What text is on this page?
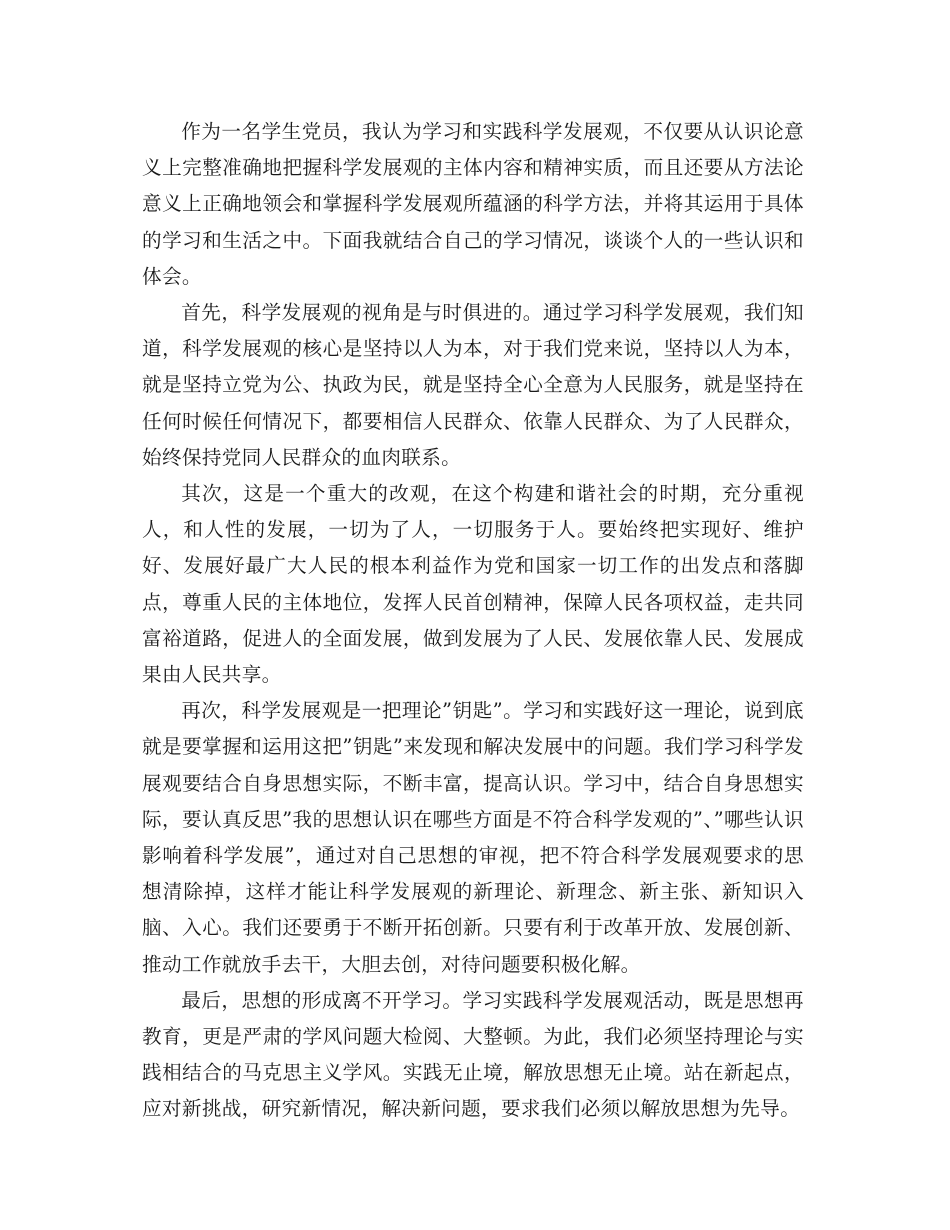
作为一名学生党员，我认为学习和实践科学发展观，不仅要从认识论意义上完整准确地把握科学发展观的主体内容和精神实质，而且还要从方法论意义上正确地领会和掌握科学发展观所蕴涵的科学方法，并将其运用于具体的学习和生活之中。下面我就结合自己的学习情况，谈谈个人的一些认识和体会。

首先，科学发展观的视角是与时俱进的。通过学习科学发展观，我们知道，科学发展观的核心是坚持以人为本，对于我们党来说，坚持以人为本，就是坚持立党为公、执政为民，就是坚持全心全意为人民服务，就是坚持在任何时候任何情况下，都要相信人民群众、依靠人民群众、为了人民群众，始终保持党同人民群众的血肉联系。

其次，这是一个重大的改观，在这个构建和谐社会的时期，充分重视人，和人性的发展，一切为了人，一切服务于人。要始终把实现好、维护好、发展好最广大人民的根本利益作为党和国家一切工作的出发点和落脚点，尊重人民的主体地位，发挥人民首创精神，保障人民各项权益，走共同富裕道路，促进人的全面发展，做到发展为了人民、发展依靠人民、发展成果由人民共享。

再次，科学发展观是一把理论”钥匙”。学习和实践好这一理论，说到底就是要掌握和运用这把”钥匙”来发现和解决发展中的问题。我们学习科学发展观要结合自身思想实际，不断丰富，提高认识。学习中，结合自身思想实际，要认真反思”我的思想认识在哪些方面是不符合科学发观的”、”哪些认识影响着科学发展”，通过对自己思想的审视，把不符合科学发展观要求的思想清除掉，这样才能让科学发展观的新理论、新理念、新主张、新知识入脑、入心。我们还要勇于不断开拓创新。只要有利于改革开放、发展创新、推动工作就放手去干，大胆去创，对待问题要积极化解。

最后，思想的形成离不开学习。学习实践科学发展观活动，既是思想再教育，更是严肃的学风问题大检阅、大整顿。为此，我们必须坚持理论与实践相结合的马克思主义学风。实践无止境，解放思想无止境。站在新起点，应对新挑战，研究新情况，解决新问题，要求我们必须以解放思想为先导。
